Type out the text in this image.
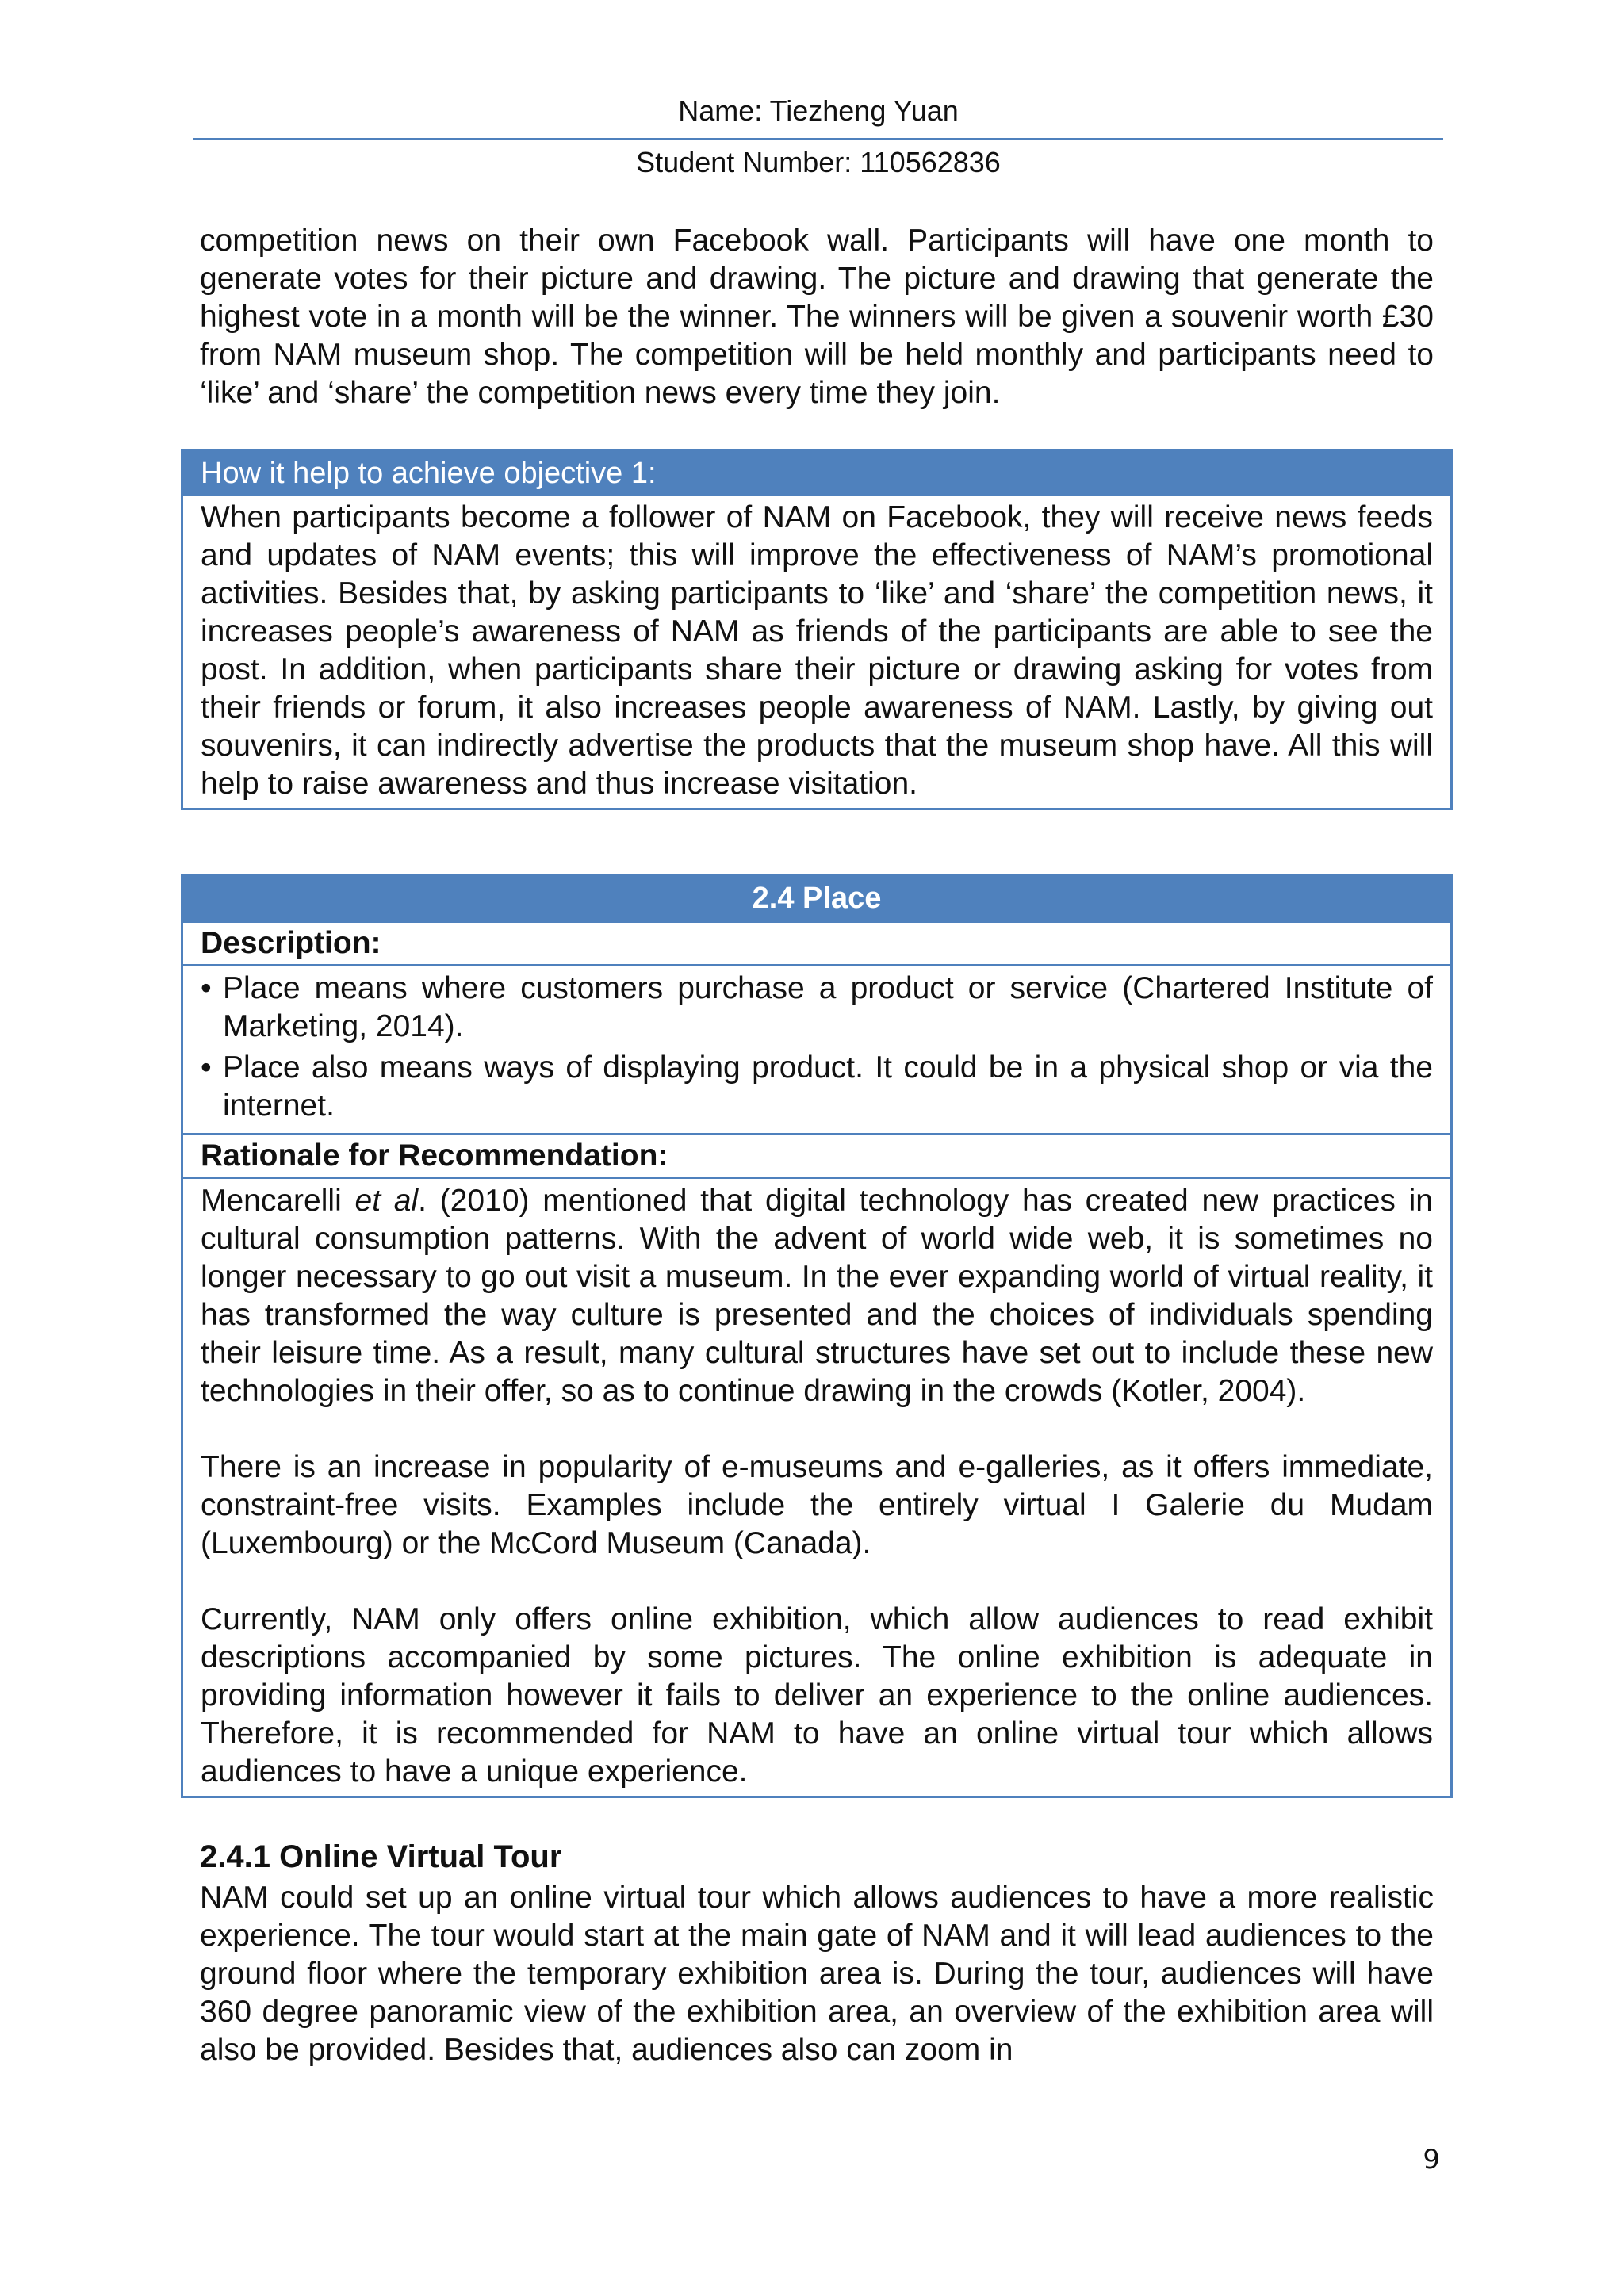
Name: Tiezheng Yuan
Student Number: 110562836
competition news on their own Facebook wall. Participants will have one month to generate votes for their picture and drawing. The picture and drawing that generate the highest vote in a month will be the winner. The winners will be given a souvenir worth £30 from NAM museum shop. The competition will be held monthly and participants need to ‘like’ and ‘share’ the competition news every time they join.
How it help to achieve objective 1:
When participants become a follower of NAM on Facebook, they will receive news feeds and updates of NAM events; this will improve the effectiveness of NAM’s promotional activities. Besides that, by asking participants to ‘like’ and ‘share’ the competition news, it increases people’s awareness of NAM as friends of the participants are able to see the post. In addition, when participants share their picture or drawing asking for votes from their friends or forum, it also increases people awareness of NAM. Lastly, by giving out souvenirs, it can indirectly advertise the products that the museum shop have. All this will help to raise awareness and thus increase visitation.
2.4 Place
Description:
• Place means where customers purchase a product or service (Chartered Institute of Marketing, 2014).
• Place also means ways of displaying product. It could be in a physical shop or via the internet.
Rationale for Recommendation:
Mencarelli et al. (2010) mentioned that digital technology has created new practices in cultural consumption patterns. With the advent of world wide web, it is sometimes no longer necessary to go out visit a museum. In the ever expanding world of virtual reality, it has transformed the way culture is presented and the choices of individuals spending their leisure time. As a result, many cultural structures have set out to include these new technologies in their offer, so as to continue drawing in the crowds (Kotler, 2004).
There is an increase in popularity of e-museums and e-galleries, as it offers immediate, constraint-free visits. Examples include the entirely virtual I Galerie du Mudam (Luxembourg) or the McCord Museum (Canada).
Currently, NAM only offers online exhibition, which allow audiences to read exhibit descriptions accompanied by some pictures. The online exhibition is adequate in providing information however it fails to deliver an experience to the online audiences. Therefore, it is recommended for NAM to have an online virtual tour which allows audiences to have a unique experience.
2.4.1 Online Virtual Tour
NAM could set up an online virtual tour which allows audiences to have a more realistic experience. The tour would start at the main gate of NAM and it will lead audiences to the ground floor where the temporary exhibition area is. During the tour, audiences will have 360 degree panoramic view of the exhibition area, an overview of the exhibition area will also be provided. Besides that, audiences also can zoom in
9
